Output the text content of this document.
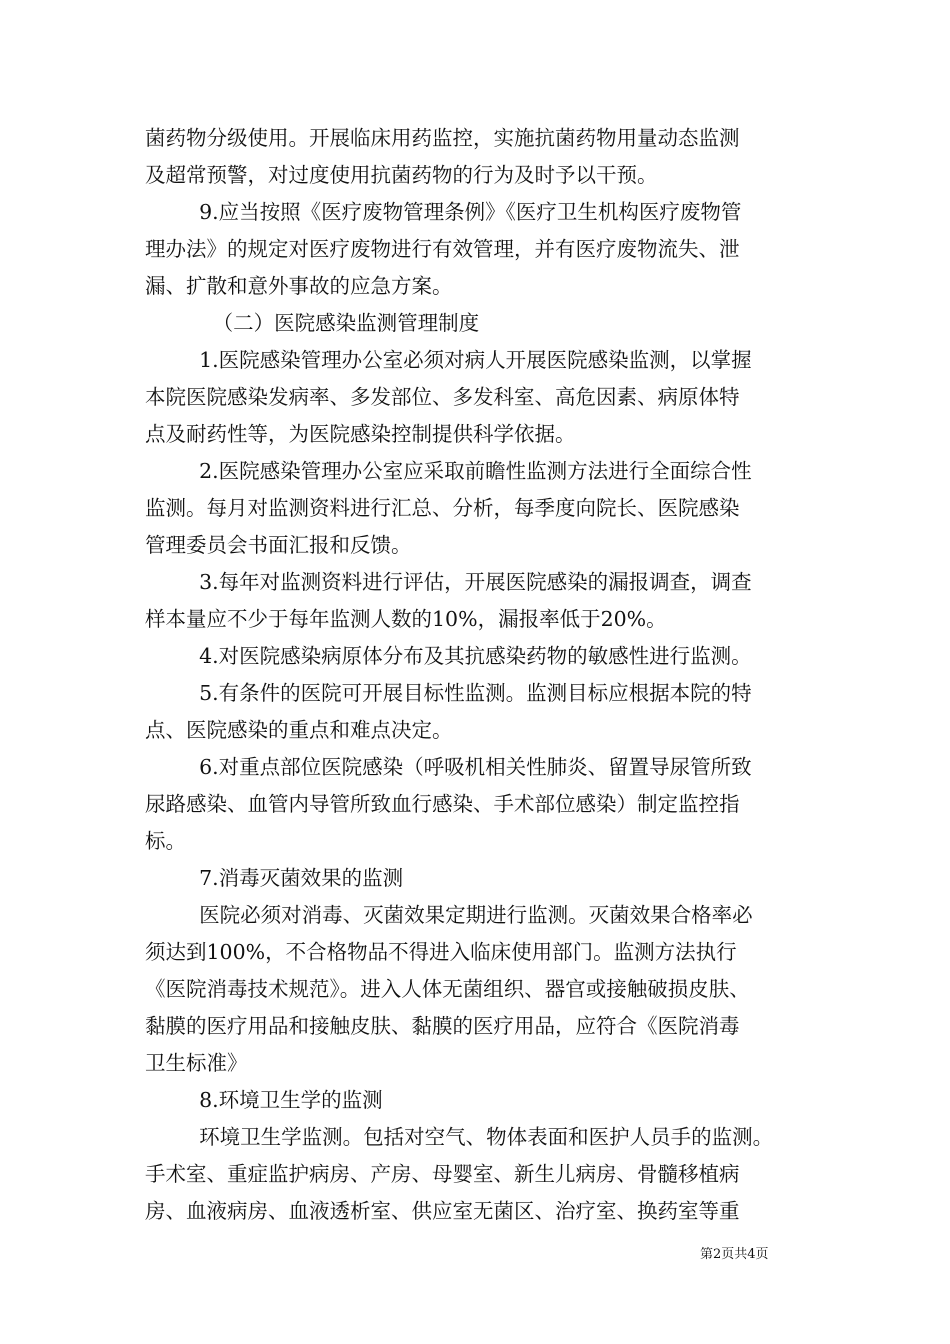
菌药物分级使用。开展临床用药监控，实施抗菌药物用量动态监测
及超常预警，对过度使用抗菌药物的行为及时予以干预。
9.应当按照《医疗废物管理条例》《医疗卫生机构医疗废物管
理办法》的规定对医疗废物进行有效管理，并有医疗废物流失、泄
漏、扩散和意外事故的应急方案。
（二）医院感染监测管理制度
1.医院感染管理办公室必须对病人开展医院感染监测，以掌握
本院医院感染发病率、多发部位、多发科室、高危因素、病原体特
点及耐药性等，为医院感染控制提供科学依据。
2.医院感染管理办公室应采取前瞻性监测方法进行全面综合性
监测。每月对监测资料进行汇总、分析，每季度向院长、医院感染
管理委员会书面汇报和反馈。
3.每年对监测资料进行评估，开展医院感染的漏报调查，调查
样本量应不少于每年监测人数的10%，漏报率低于20%。
4.对医院感染病原体分布及其抗感染药物的敏感性进行监测。
5.有条件的医院可开展目标性监测。监测目标应根据本院的特
点、医院感染的重点和难点决定。
6.对重点部位医院感染（呼吸机相关性肺炎、留置导尿管所致
尿路感染、血管内导管所致血行感染、手术部位感染）制定监控指
标。
7.消毒灭菌效果的监测
医院必须对消毒、灭菌效果定期进行监测。灭菌效果合格率必
须达到100%，不合格物品不得进入临床使用部门。监测方法执行
《医院消毒技术规范》。进入人体无菌组织、器官或接触破损皮肤、
黏膜的医疗用品和接触皮肤、黏膜的医疗用品，应符合《医院消毒
卫生标准》
8.环境卫生学的监测
环境卫生学监测。包括对空气、物体表面和医护人员手的监测。
手术室、重症监护病房、产房、母婴室、新生儿病房、骨髓移植病
房、血液病房、血液透析室、供应室无菌区、治疗室、换药室等重
第2页共4页
